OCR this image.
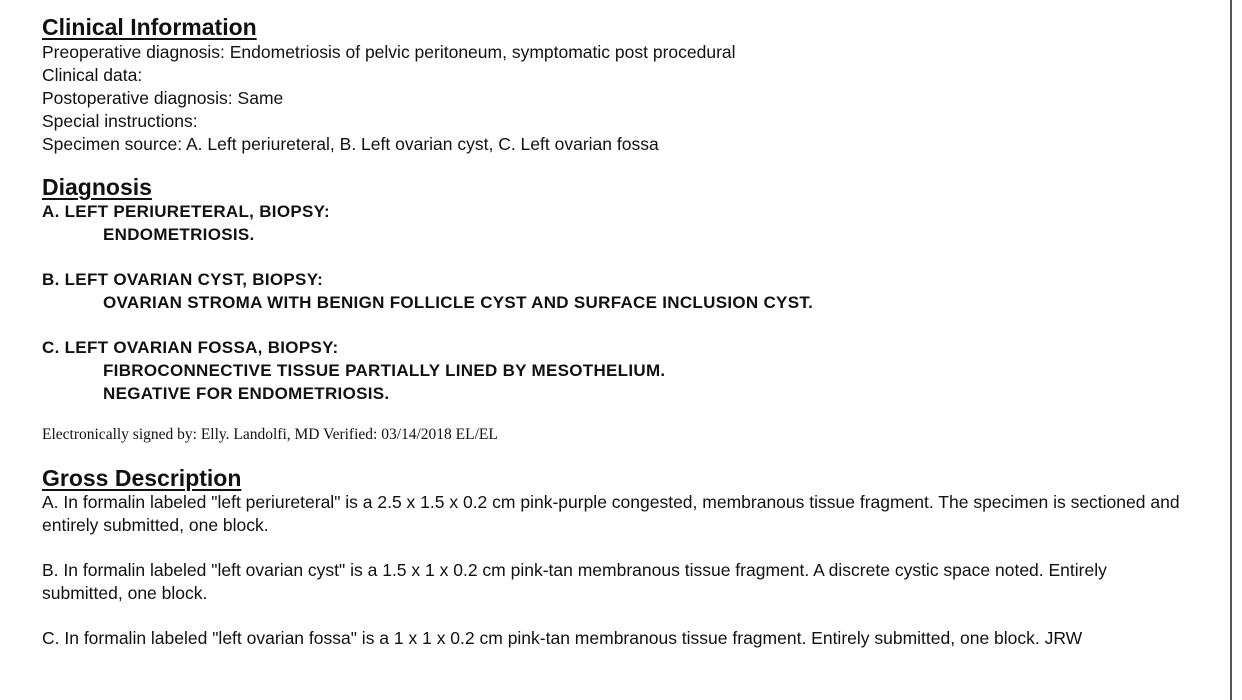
Clinical Information
Preoperative diagnosis: Endometriosis of pelvic peritoneum, symptomatic post procedural
Clinical data:
Postoperative diagnosis: Same
Special instructions:
Specimen source: A. Left periureteral, B. Left ovarian cyst, C. Left ovarian fossa
Diagnosis
A. LEFT PERIURETERAL, BIOPSY:
ENDOMETRIOSIS.
B. LEFT OVARIAN CYST, BIOPSY:
OVARIAN STROMA WITH BENIGN FOLLICLE CYST AND SURFACE INCLUSION CYST.
C. LEFT OVARIAN FOSSA, BIOPSY:
FIBROCONNECTIVE TISSUE PARTIALLY LINED BY MESOTHELIUM.
NEGATIVE FOR ENDOMETRIOSIS.
Electronically signed by: Elly. Landolfi, MD Verified: 03/14/2018 EL/EL
Gross Description
A. In formalin labeled "left periureteral" is a 2.5 x 1.5 x 0.2 cm pink-purple congested, membranous tissue fragment. The specimen is sectioned and entirely submitted, one block.
B. In formalin labeled "left ovarian cyst" is a 1.5 x 1 x 0.2 cm pink-tan membranous tissue fragment. A discrete cystic space noted. Entirely submitted, one block.
C. In formalin labeled "left ovarian fossa" is a 1 x 1 x 0.2 cm pink-tan membranous tissue fragment. Entirely submitted, one block. JRW
